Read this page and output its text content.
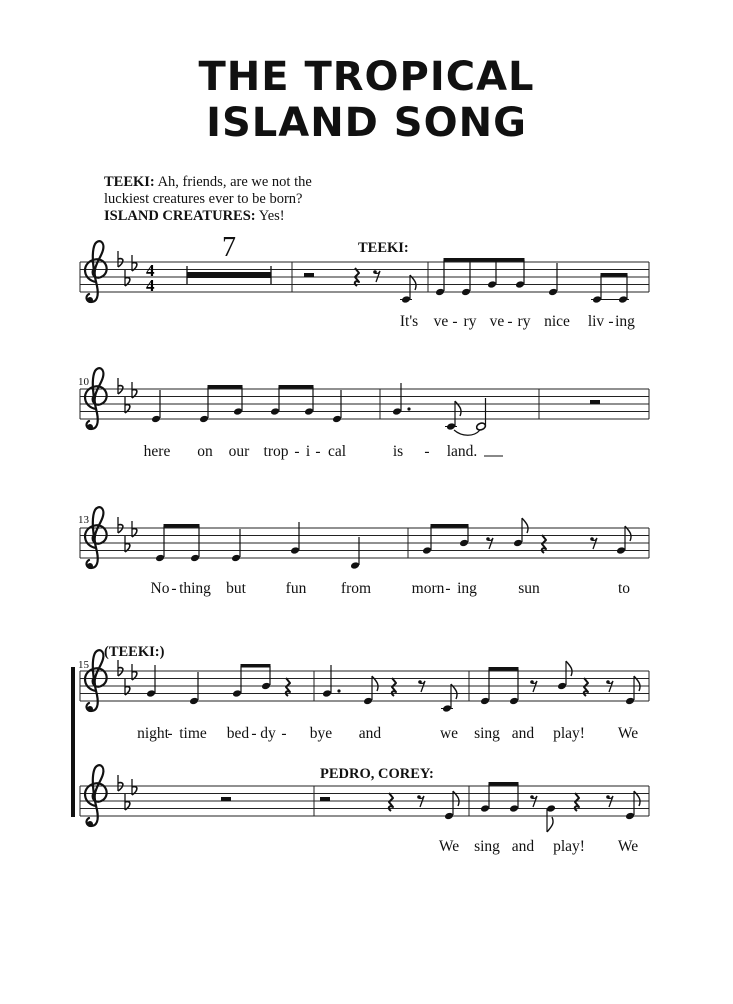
THE TROPICAL
ISLAND SONG
TEEKI: Ah, friends, are we not the
luckiest creatures ever to be born?
ISLAND CREATURES: Yes!
TEEKI:
(TEEKI:)
PEDRO, COREY:
10
13
15
7
It's ve - ry ve - ry nice liv - ing
here on our trop - i - cal	is - land.
No - thing but	fun from	morn - ing	sun	to
night
- time bed - dy - bye and	we sing and play! We
We sing and play! We
4
4
